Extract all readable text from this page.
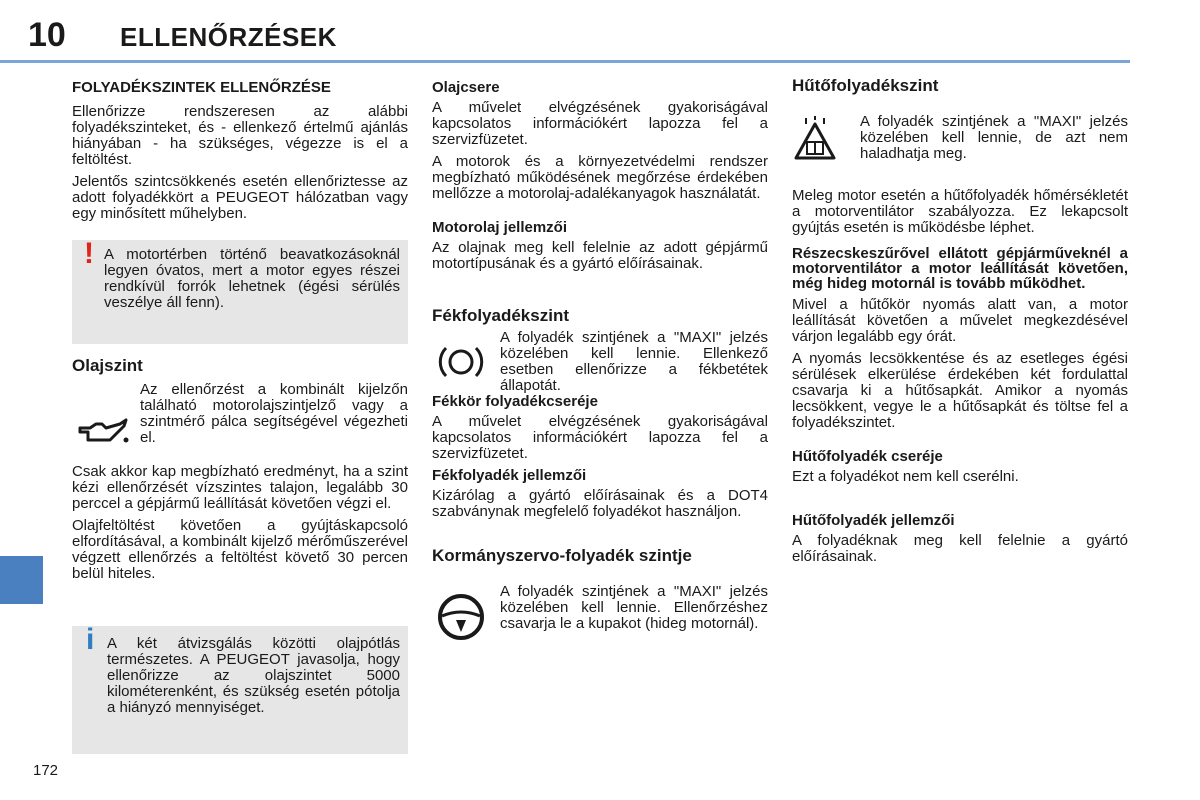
10 ELLENŐRZÉSEK
172
FOLYADÉKSZINTEK ELLENŐRZÉSE

Ellenőrizze rendszeresen az alábbi folyadékszinteket, és - ellenkező értelmű ajánlás hiányában - ha szükséges, végezze is el a feltöltést.

Jelentős szintcsökkenés esetén ellenőriztesse az adott folyadékkört a PEUGEOT hálózatban vagy egy minősített műhelyben.

! A motortérben történő beavatkozásoknál legyen óvatos, mert a motor egyes részei rendkívül forrók lehetnek (égési sérülés veszélye áll fenn).
Olajszint
Az ellenőrzést a kombinált kijelzőn található motorolajszintjelző vagy a szintmérő pálca segítségével végezheti el.

Csak akkor kap megbízható eredményt, ha a szint kézi ellenőrzését vízszintes talajon, legalább 30 perccel a gépjármű leállítását követően végzi el.

Olajfeltöltést követően a gyújtáskapcsoló elfordításával, a kombinált kijelző mérőműszerével végzett ellenőrzés a feltöltést követő 30 percen belül hiteles.

i A két átvizsgálás közötti olajpótlás természetes. A PEUGEOT javasolja, hogy ellenőrizze az olajszintet 5000 kilométerenként, és szükség esetén pótolja a hiányzó mennyiséget.
Olajcsere

A művelet elvégzésének gyakoriságával kapcsolatos információkért lapozza fel a szervizfüzetet.

A motorok és a környezetvédelmi rendszer megbízható működésének megőrzése érdekében mellőzze a motorolaj-adalékanyagok használatát.

Motorolaj jellemzői

Az olajnak meg kell felelnie az adott gépjármű motortípusának és a gyártó előírásainak.

Fékfolyadékszint
A folyadék szintjének a "MAXI" jelzés közelében kell lennie. Ellenkező esetben ellenőrizze a fékbetétek állapotát.
Fékkör folyadékcseréje

A művelet elvégzésének gyakoriságával kapcsolatos információkért lapozza fel a szervizfüzetet.

Fékfolyadék jellemzői

Kizárólag a gyártó előírásainak és a DOT4 szabványnak megfelelő folyadékot használjon.

Kormányszervo-folyadék szintje
A folyadék szintjének a "MAXI" jelzés közelében kell lennie. Ellenőrzéshez csavarja le a kupakot (hideg motornál).
Hűtőfolyadékszint
A folyadék szintjének a "MAXI" jelzés közelében kell lennie, de azt nem haladhatja meg.

Meleg motor esetén a hűtőfolyadék hőmérsékletét a motorventilátor szabályozza. Ez lekapcsolt gyújtás esetén is működésbe léphet.

Részecskeszűrővel ellátott gépjárműveknél a motorventilátor a motor leállítását követően, még hideg motornál is tovább működhet.

Mivel a hűtőkör nyomás alatt van, a motor leállítását követően a művelet megkezdésével várjon legalább egy órát.

A nyomás lecsökkentése és az esetleges égési sérülések elkerülése érdekében két fordulattal csavarja ki a hűtősapkát. Amikor a nyomás lecsökkent, vegye le a hűtősapkát és töltse fel a folyadékszintet.

Hűtőfolyadék cseréje

Ezt a folyadékot nem kell cserélni.

Hűtőfolyadék jellemzői

A folyadéknak meg kell felelnie a gyártó előírásainak.
